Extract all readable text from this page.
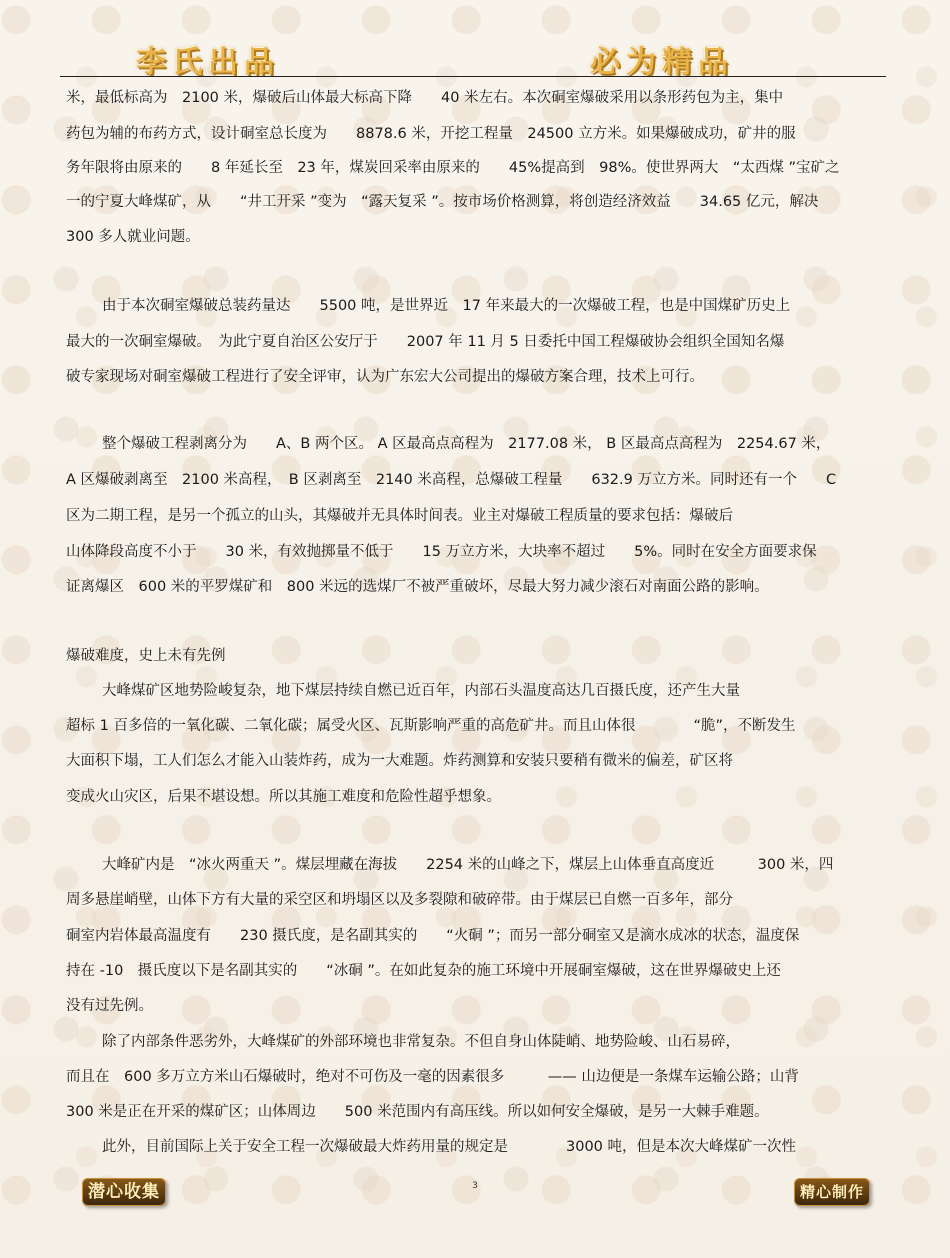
李氏出品	必为精品
米，最低标高为　2100 米，爆破后山体最大标高下降　　40 米左右。本次硐室爆破采用以条形药包为主，集中
药包为辅的布药方式，设计硐室总长度为　　8878.6 米，开挖工程量　24500 立方米。如果爆破成功，矿井的服
务年限将由原来的　　8 年延长至　23 年，煤炭回采率由原来的　　45%提高到　98%。使世界两大　“太西煤 ”宝矿之
一的宁夏大峰煤矿，从　　“井工开采 ”变为　“露天复采 ”。按市场价格测算，将创造经济效益　　34.65 亿元，解决
300 多人就业问题。
由于本次硐室爆破总装药量达　　5500 吨，是世界近　17 年来最大的一次爆破工程，也是中国煤矿历史上
最大的一次硐室爆破。　为此宁夏自治区公安厅于　　2007 年 11 月 5 日委托中国工程爆破协会组织全国知名爆
破专家现场对硐室爆破工程进行了安全评审，认为广东宏大公司提出的爆破方案合理，技术上可行。
整个爆破工程剥离分为　　A、B 两个区。 A 区最高点高程为　2177.08 米， B 区最高点高程为　2254.67 米，
A 区爆破剥离至　2100 米高程，　B 区剥离至　2140 米高程，总爆破工程量　　632.9 万立方米。同时还有一个　　C
区为二期工程，是另一个孤立的山头，其爆破并无具体时间表。业主对爆破工程质量的要求包括：爆破后
山体降段高度不小于　　30 米，有效抛掷量不低于　　15 万立方米，大块率不超过　　5%。同时在安全方面要求保
证离爆区　600 米的平罗煤矿和　800 米远的选煤厂不被严重破坏，尽最大努力减少滚石对南面公路的影响。
爆破难度，史上未有先例
大峰煤矿区地势险峻复杂，地下煤层持续自燃已近百年，内部石头温度高达几百摄氏度，还产生大量
超标 1 百多倍的一氧化碳、二氧化碳；属受火区、瓦斯影响严重的高危矿井。而且山体很　　　　“脆”，不断发生
大面积下塌，工人们怎么才能入山装炸药，成为一大难题。炸药测算和安装只要稍有微米的偏差，矿区将
变成火山灾区，后果不堪设想。所以其施工难度和危险性超乎想象。
大峰矿内是　“冰火两重天 ”。煤层埋藏在海拔　　2254 米的山峰之下，煤层上山体垂直高度近　　　300 米，四
周多悬崖峭壁，山体下方有大量的采空区和坍塌区以及多裂隙和破碎带。由于煤层已自燃一百多年，部分
硐室内岩体最高温度有　　230 摄氏度，是名副其实的　　“火硐 ”；而另一部分硐室又是滴水成冰的状态，温度保
持在 -10　摄氏度以下是名副其实的　　“冰硐 ”。在如此复杂的施工环境中开展硐室爆破，这在世界爆破史上还
没有过先例。
除了内部条件恶劣外，大峰煤矿的外部环境也非常复杂。不但自身山体陡峭、地势险峻、山石易碎，
而且在　600 多万立方米山石爆破时，绝对不可伤及一毫的因素很多　　　—— 山边便是一条煤车运输公路；山背
300 米是正在开采的煤矿区；山体周边　　500 米范围内有高压线。所以如何安全爆破，是另一大棘手难题。
此外，目前国际上关于安全工程一次爆破最大炸药用量的规定是　　　　3000 吨，但是本次大峰煤矿一次性
3
潜心收集	精心制作
